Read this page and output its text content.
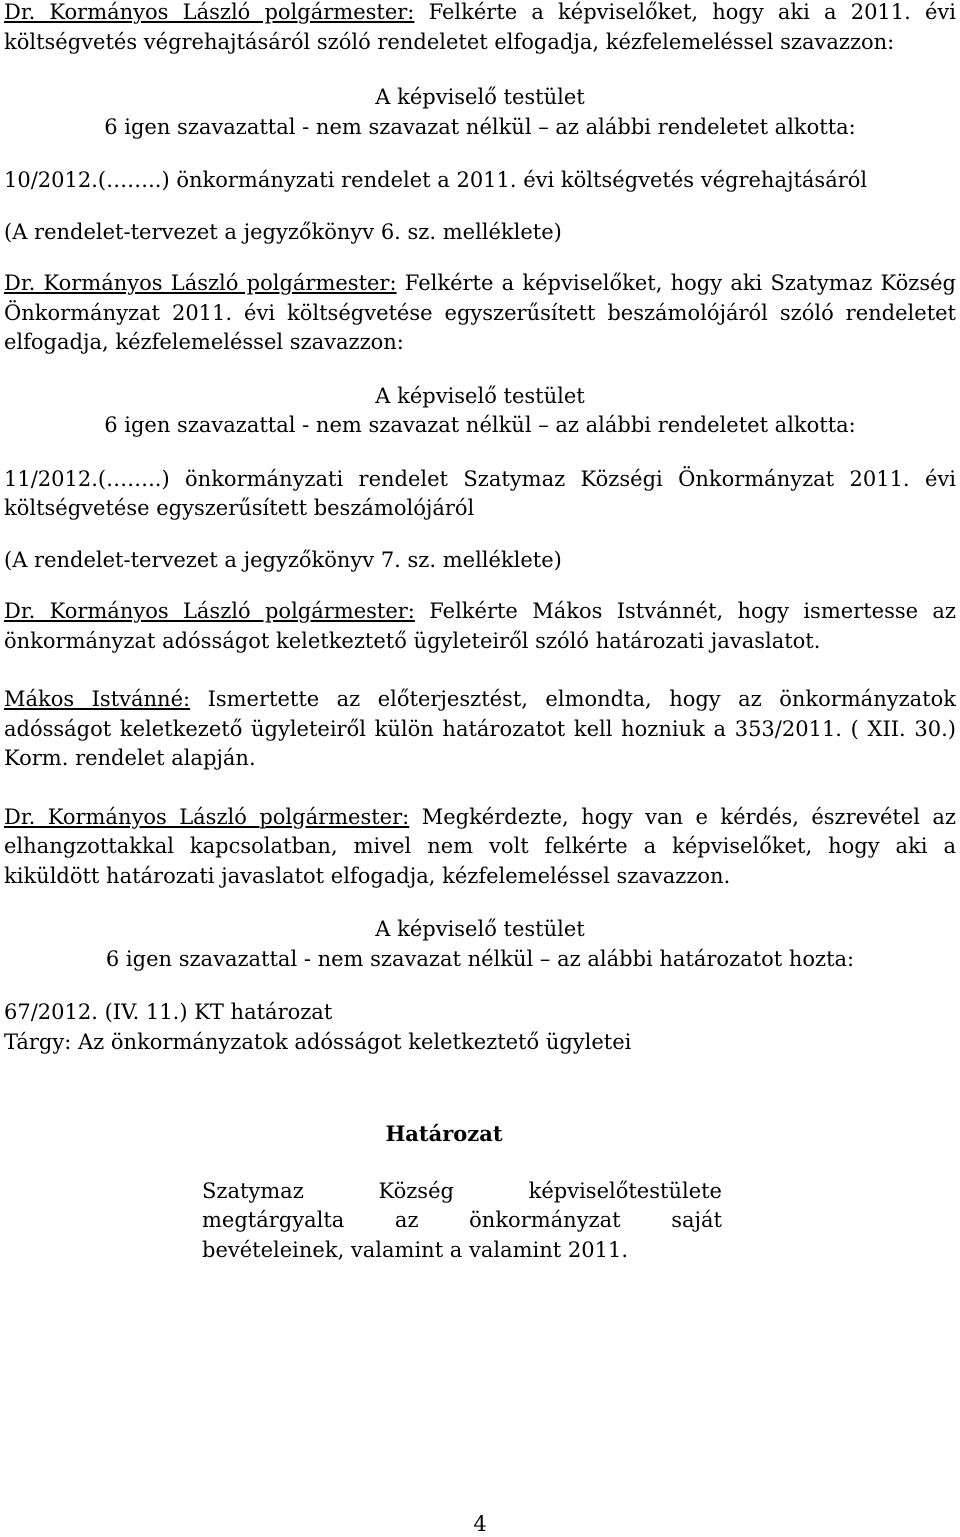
Dr. Kormányos László polgármester: Felkérte a képviselőket, hogy aki a 2011. évi költségvetés végrehajtásáról szóló rendeletet elfogadja, kézfelemeléssel szavazzon:

A képviselő testület

6 igen szavazattal - nem szavazat nélkül – az alábbi rendeletet alkotta:

10/2012.(……..) önkormányzati rendelet a 2011. évi költségvetés végrehajtásáról

(A rendelet-tervezet a jegyzőkönyv 6. sz. melléklete)

Dr. Kormányos László polgármester: Felkérte a képviselőket, hogy aki Szatymaz Község Önkormányzat 2011. évi költségvetése egyszerűsített beszámolójáról szóló rendeletet elfogadja, kézfelemeléssel szavazzon:

A képviselő testület

6 igen szavazattal - nem szavazat nélkül – az alábbi rendeletet alkotta:

11/2012.(……..) önkormányzati rendelet Szatymaz Községi Önkormányzat 2011. évi költségvetése egyszerűsített beszámolójáról

(A rendelet-tervezet a jegyzőkönyv 7. sz. melléklete)

Dr. Kormányos László polgármester: Felkérte Mákos Istvánnét, hogy ismertesse az önkormányzat adósságot keletkeztető ügyleteiről szóló határozati javaslatot.

Mákos Istvánné: Ismertette az előterjesztést, elmondta, hogy az önkormányzatok adósságot keletkezető ügyleteiről külön határozatot kell hozniuk a 353/2011. ( XII. 30.) Korm. rendelet alapján.

Dr. Kormányos László polgármester: Megkérdezte, hogy van e kérdés, észrevétel az elhangzottakkal kapcsolatban, mivel nem volt felkérte a képviselőket, hogy aki a kiküldött határozati javaslatot elfogadja, kézfelemeléssel szavazzon.

A képviselő testület

6 igen szavazattal - nem szavazat nélkül – az alábbi határozatot hozta:

67/2012. (IV. 11.) KT határozat

Tárgy: Az önkormányzatok adósságot keletkeztető ügyletei

Határozat

Szatymaz Község képviselőtestülete megtárgyalta az önkormányzat saját bevételeinek, valamint a valamint 2011.

4
